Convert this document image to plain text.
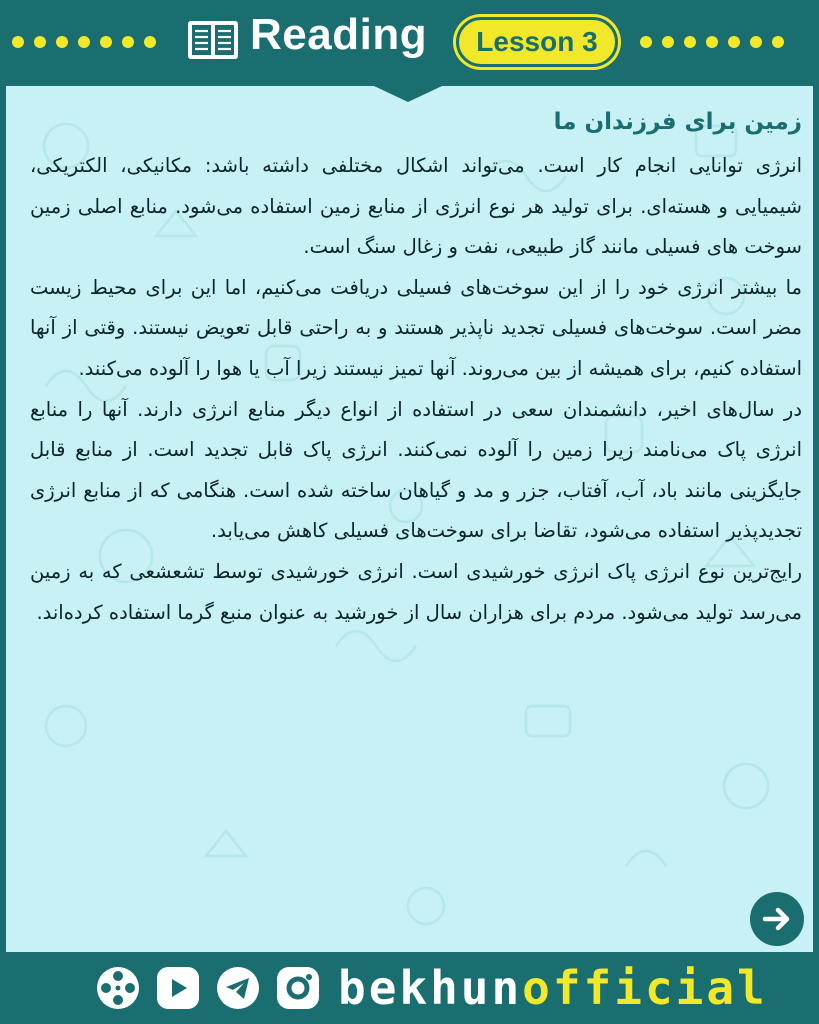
Reading	Lesson 3
زمین برای فرزندان ما

انرژی توانایی انجام کار است. می‌تواند اشکال مختلفی داشته باشد: مکانیکی، الکتریکی، شیمیایی و هسته‌ای. برای تولید هر نوع انرژی از منابع زمین استفاده می‌شود. منابع اصلی زمین سوخت های فسیلی مانند گاز طبیعی، نفت و زغال سنگ است.

ما بیشتر انرژی خود را از این سوخت‌های فسیلی دریافت می‌کنیم، اما این برای محیط زیست مضر است. سوخت‌های فسیلی تجدید ناپذیر هستند و به راحتی قابل تعویض نیستند. وقتی از آنها استفاده کنیم، برای همیشه از بین می‌روند. آنها تمیز نیستند زیرا آب یا هوا را آلوده می‌کنند.

در سال‌های اخیر، دانشمندان سعی در استفاده از انواع دیگر منابع انرژی دارند. آنها را منابع انرژی پاک می‌نامند زیرا زمین را آلوده نمی‌کنند. انرژی پاک قابل تجدید است. از منابع قابل جایگزینی مانند باد، آب، آفتاب، جزر و مد و گیاهان ساخته شده است. هنگامی که از منابع انرژی تجدیدپذیر استفاده می‌شود، تقاضا برای سوخت‌های فسیلی کاهش می‌یابد.

رایج‌ترین نوع انرژی پاک انرژی خورشیدی است. انرژی خورشیدی توسط تشعشعی که به زمین می‌رسد تولید می‌شود. مردم برای هزاران سال از خورشید به عنوان منبع گرما استفاده کرده‌اند.

bekhunofficial
